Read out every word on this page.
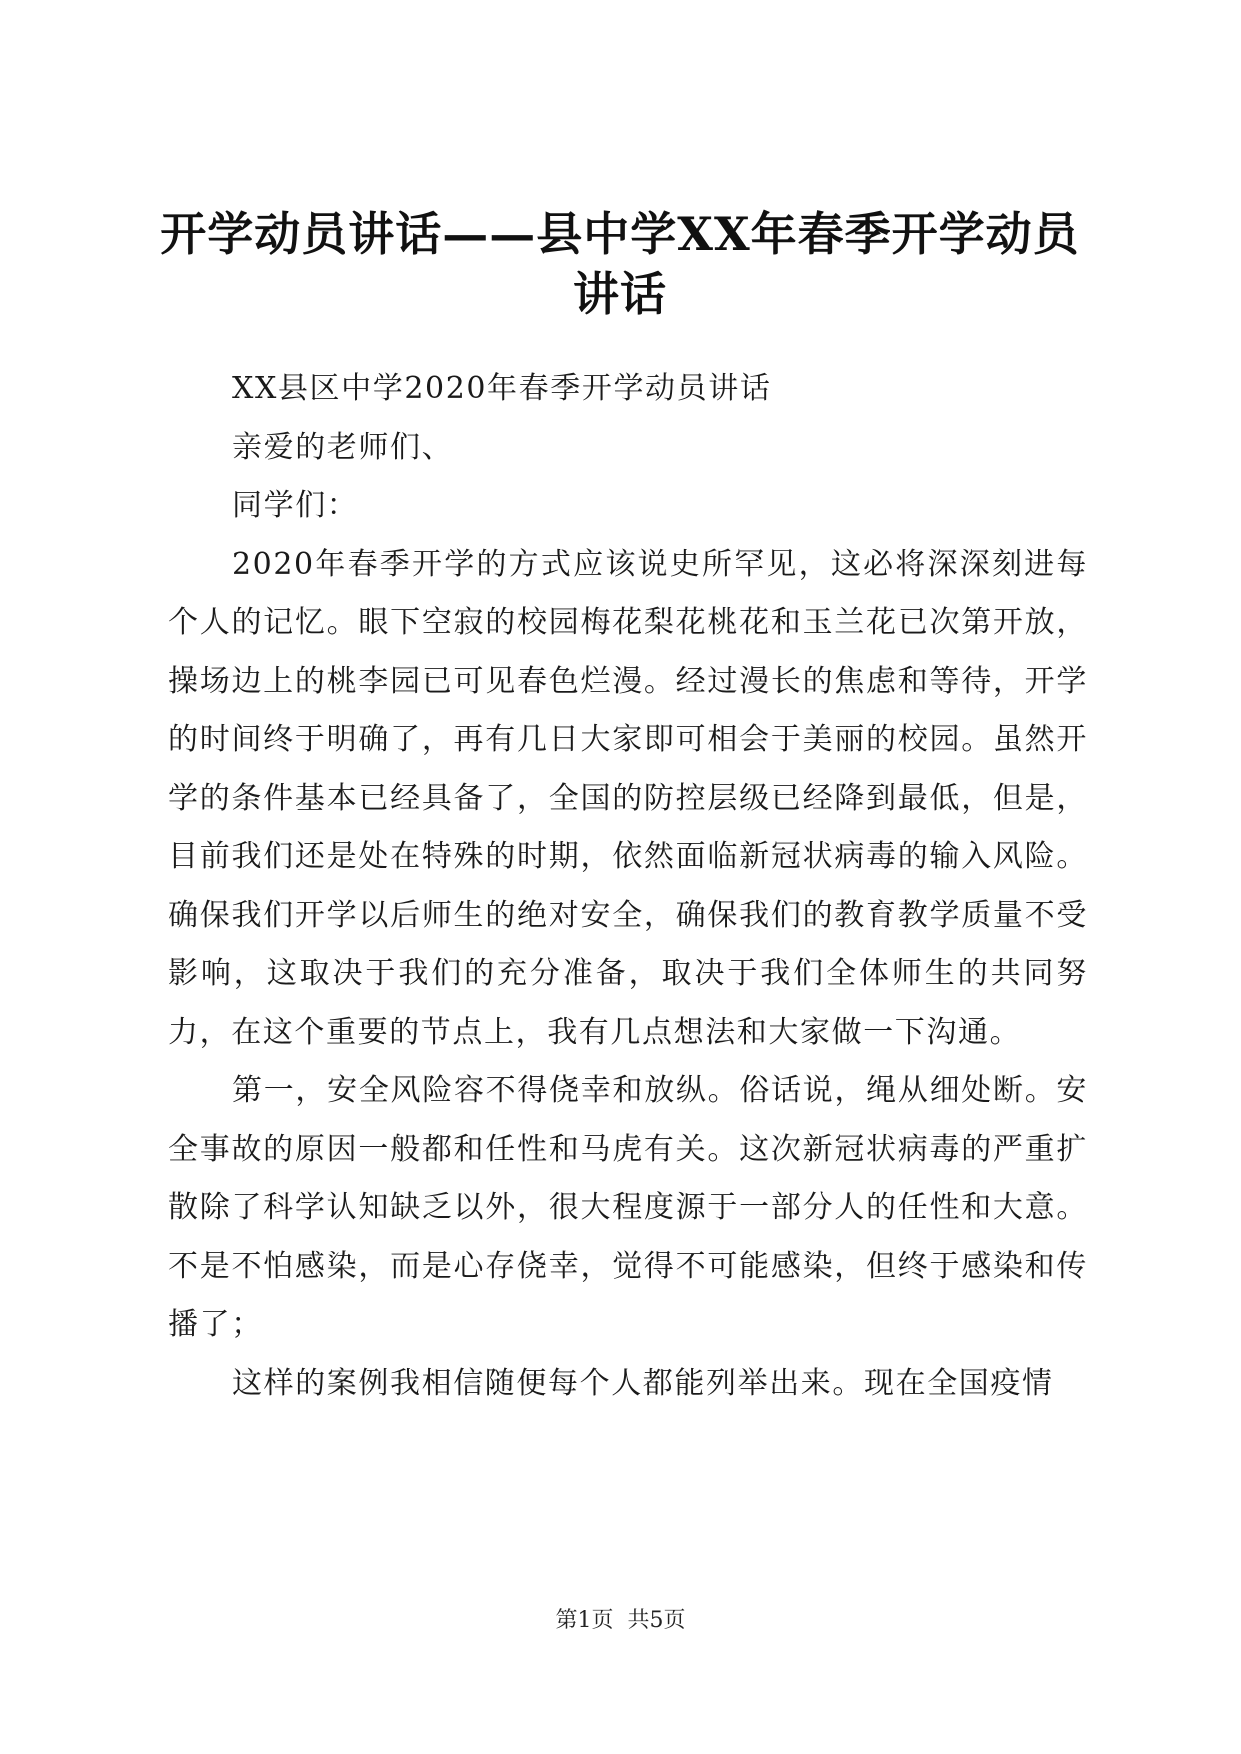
开学动员讲话——县中学XX年春季开学动员讲话

XX县区中学2020年春季开学动员讲话

亲爱的老师们、

同学们：

2020年春季开学的方式应该说史所罕见，这必将深深刻进每个人的记忆。眼下空寂的校园梅花梨花桃花和玉兰花已次第开放，操场边上的桃李园已可见春色烂漫。经过漫长的焦虑和等待，开学的时间终于明确了，再有几日大家即可相会于美丽的校园。虽然开学的条件基本已经具备了，全国的防控层级已经降到最低，但是，目前我们还是处在特殊的时期，依然面临新冠状病毒的输入风险。确保我们开学以后师生的绝对安全，确保我们的教育教学质量不受影响，这取决于我们的充分准备，取决于我们全体师生的共同努力，在这个重要的节点上，我有几点想法和大家做一下沟通。

第一，安全风险容不得侥幸和放纵。俗话说，绳从细处断。安全事故的原因一般都和任性和马虎有关。这次新冠状病毒的严重扩散除了科学认知缺乏以外，很大程度源于一部分人的任性和大意。不是不怕感染，而是心存侥幸，觉得不可能感染，但终于感染和传播了；

这样的案例我相信随便每个人都能列举出来。现在全国疫情

第1页 共5页
